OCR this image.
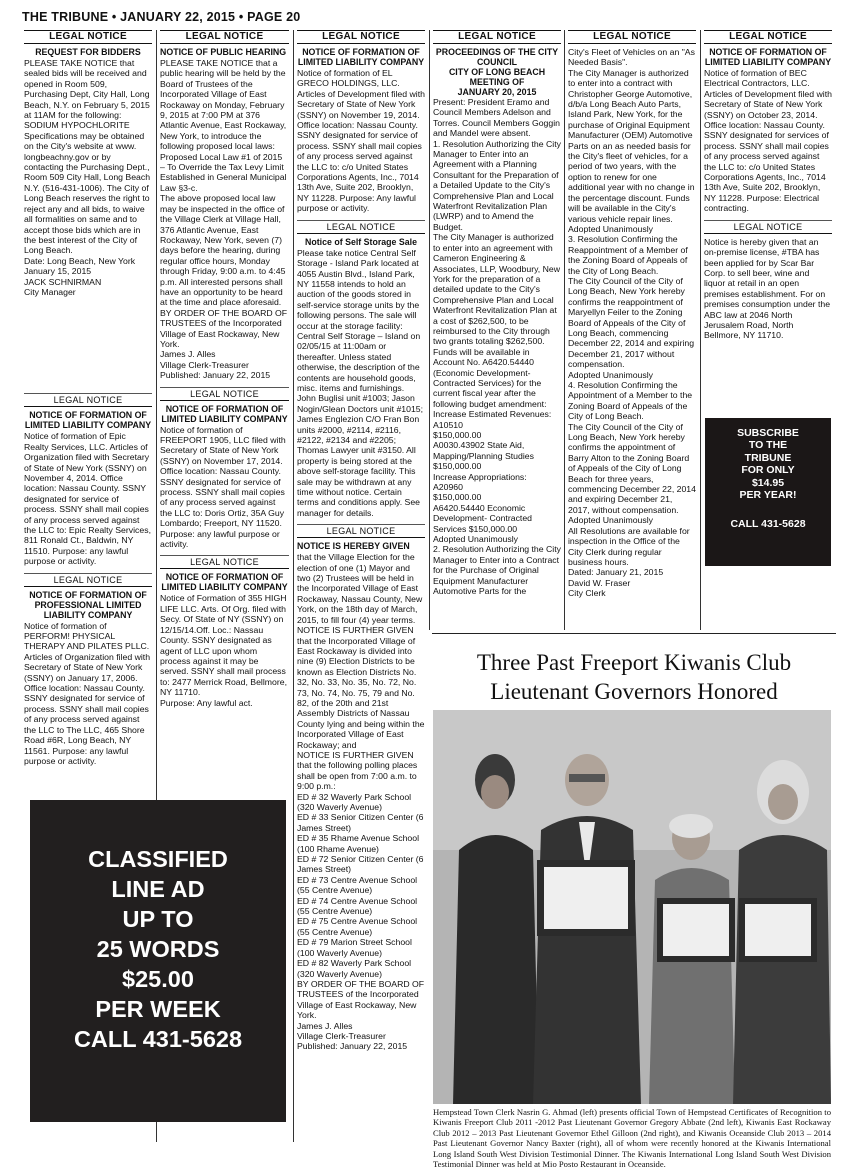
THE TRIBUNE • JANUARY 22, 2015 • PAGE 20
LEGAL NOTICE
REQUEST FOR BIDDERS

PLEASE TAKE NOTICE that sealed bids will be received and opened in Room 509, Purchasing Dept, City Hall, Long Beach, N.Y. on February 5, 2015 at 11AM for the following: SODIUM HYPOCHLORITE
Specifications may be obtained on the City's website at www. longbeachny.gov or by contacting the Purchasing Dept., Room 509 City Hall, Long Beach N.Y. (516-431-1006). The City of Long Beach reserves the right to reject any and all bids, to waive all formalities on same and to accept those bids which are in the best interest of the City of Long Beach.
Date: Long Beach, New York January 15, 2015
JACK SCHNIRMAN
City Manager

LEGAL NOTICE
NOTICE OF FORMATION OF LIMITED LIABILITY COMPANY

Notice of formation of Epic Realty Services, LLC. Articles of Organization filed with Secretary of State of New York (SSNY) on November 4, 2014. Office location: Nassau County. SSNY designated for service of process. SSNY shall mail copies of any process served against the LLC to: Epic Realty Services, 811 Ronald Ct., Baldwin, NY 11510. Purpose: any lawful purpose or activity.

LEGAL NOTICE
NOTICE OF FORMATION OF PROFESSIONAL LIMITED LIABILITY COMPANY

Notice of formation of PERFORM! PHYSICAL THERAPY AND PILATES PLLC. Articles of Organization filed with Secretary of State of New York (SSNY) on January 17, 2006. Office location: Nassau County. SSNY designated for service of process. SSNY shall mail copies of any process served against the LLC to The LLC, 465 Shore Road #6R, Long Beach, NY 11561. Purpose: any lawful purpose or activity.

CLASSIFIED
LINE AD
UP TO
25 WORDS
$25.00
PER WEEK
CALL 431-5628
LEGAL NOTICE
NOTICE OF PUBLIC HEARING

PLEASE TAKE NOTICE that a public hearing will be held by the Board of Trustees of the Incorporated Village of East Rockaway on Monday, February 9, 2015 at 7:00 PM at 376 Atlantic Avenue, East Rockaway, New York, to introduce the following proposed local laws:
Proposed Local Law #1 of 2015 – To Override the Tax Levy Limit Established in General Municipal Law §3-c.
The above proposed local law may be inspected in the office of the Village Clerk at Village Hall, 376 Atlantic Avenue, East Rockaway, New York, seven (7) days before the hearing, during regular office hours, Monday through Friday, 9:00 a.m. to 4:45 p.m. All interested persons shall have an opportunity to be heard at the time and place aforesaid.
BY ORDER OF THE BOARD OF TRUSTEES of the Incorporated Village of East Rockaway, New York.
James J. Alles
Village Clerk-Treasurer
Published: January 22, 2015

LEGAL NOTICE
NOTICE OF FORMATION OF LIMITED LIABILITY COMPANY

Notice of formation of FREEPORT 1905, LLC filed with Secretary of State of New York (SSNY) on November 17, 2014. Office location: Nassau County. SSNY designated for service of process. SSNY shall mail copies of any process served against the LLC to: Doris Ortiz, 35A Guy Lombardo; Freeport, NY 11520. Purpose: any lawful purpose or activity.

LEGAL NOTICE
NOTICE OF FORMATION OF LIMITED LIABILITY COMPANY

Notice of Formation of 355 HIGH LIFE LLC. Arts. Of Org. filed with Secy. Of State of NY (SSNY) on 12/15/14.Off. Loc.: Nassau County. SSNY designated as agent of LLC upon whom process against it may be served. SSNY shall mail process to: 2477 Merrick Road, Bellmore, NY 11710.
Purpose: Any lawful act.

LEGAL NOTICE
NOTICE OF FORMATION OF LIMITED LIABILITY COMPANY

Notice of formation of EL GRECO HOLDINGS, LLC. Articles of Development filed with Secretary of State of New York (SSNY) on November 19, 2014. Office location: Nassau County. SSNY designated for service of process. SSNY shall mail copies of any process served against the LLC to: c/o United States Corporations Agents, Inc., 7014 13th Ave, Suite 202, Brooklyn, NY 11228. Purpose: Any lawful purpose or activity.

LEGAL NOTICE
Notice of Self Storage Sale

Please take notice Central Self Storage - Island Park located at 4055 Austin Blvd., Island Park, NY 11558 intends to hold an auction of the goods stored in self-service storage units by the following persons. The sale will occur at the storage facility: Central Self Storage – Island on 02/05/15 at 11:00am or thereafter. Unless stated otherwise, the description of the contents are household goods, misc. items and furnishings. John Buglisi unit #1003; Jason Nogin/Glean Doctors unit #1015; James Englezion C/O Fran Bon units #2000, #2114, #2116, #2122, #2134 and #2205; Thomas Lawyer unit #3150. All property is being stored at the above self-storage facility. This sale may be withdrawn at any time without notice. Certain terms and conditions apply. See manager for details.

LEGAL NOTICE
NOTICE IS HEREBY GIVEN

that the Village Election for the election of one (1) Mayor and two (2) Trustees will be held in the Incorporated Village of East Rockaway, Nassau County, New York, on the 18th day of March, 2015, to fill four (4) year terms.
NOTICE IS FURTHER GIVEN that the Incorporated Village of East Rockaway is divided into nine (9) Election Districts to be known as Election Districts No. 32, No. 33, No. 35, No. 72, No. 73, No. 74, No. 75, 79 and No. 82, of the 20th and 21st Assembly Districts of Nassau County lying and being within the Incorporated Village of East Rockaway; and
NOTICE IS FURTHER GIVEN that the following polling places shall be open from 7:00 a.m. to 9:00 p.m.:
ED # 32 Waverly Park School (320 Waverly Avenue)
ED # 33 Senior Citizen Center (6 James Street)
ED # 35 Rhame Avenue School (100 Rhame Avenue)
ED # 72 Senior Citizen Center (6 James Street)
ED # 73 Centre Avenue School (55 Centre Avenue)
ED # 74 Centre Avenue School (55 Centre Avenue)
ED # 75 Centre Avenue School (55 Centre Avenue)
ED # 79 Marion Street School (100 Waverly Avenue)
ED # 82 Waverly Park School (320 Waverly Avenue)
BY ORDER OF THE BOARD OF TRUSTEES of the Incorporated Village of East Rockaway, New York.
James J. Alles
Village Clerk-Treasurer
Published: January 22, 2015

LEGAL NOTICE
PROCEEDINGS OF THE CITY COUNCIL
CITY OF LONG BEACH
MEETING OF
JANUARY 20, 2015

Present: President Eramo and Council Members Adelson and Torres. Council Members Goggin and Mandel were absent.
1. Resolution Authorizing the City Manager to Enter into an Agreement with a Planning Consultant for the Preparation of a Detailed Update to the City's Comprehensive Plan and Local Waterfront Revitalization Plan (LWRP) and to Amend the Budget.
The City Manager is authorized to enter into an agreement with Cameron Engineering & Associates, LLP, Woodbury, New York for the preparation of a detailed update to the City's Comprehensive Plan and Local Waterfront Revitalization Plan at a cost of $262,500, to be reimbursed to the City through two grants totaling $262,500. Funds will be available in Account No. A6420.54440 (Economic Development- Contracted Services) for the current fiscal year after the following budget amendment:
Increase Estimated Revenues:
A10510
$150,000.00
A0030.43902 State Aid, Mapping/Planning Studies
$150,000.00
Increase Appropriations:
A20960
$150,000.00
A6420.54440 Economic Development- Contracted Services $150,000.00
Adopted Unanimously
2. Resolution Authorizing the City Manager to Enter into a Contract for the Purchase of Original Equipment Manufacturer Automotive Parts for the

LEGAL NOTICE

City's Fleet of Vehicles on an "As Needed Basis".
The City Manager is authorized to enter into a contract with Christopher George Automotive, d/b/a Long Beach Auto Parts, Island Park, New York, for the purchase of Original Equipment Manufacturer (OEM) Automotive Parts on an as needed basis for the City's fleet of vehicles, for a period of two years, with the option to renew for one additional year with no change in the percentage discount. Funds will be available in the City's various vehicle repair lines.
Adopted Unanimously
3. Resolution Confirming the Reappointment of a Member of the Zoning Board of Appeals of the City of Long Beach.
The City Council of the City of Long Beach, New York hereby confirms the reappointment of Maryellyn Feiler to the Zoning Board of Appeals of the City of Long Beach, commencing December 22, 2014 and expiring December 21, 2017 without compensation.
Adopted Unanimously
4. Resolution Confirming the Appointment of a Member to the Zoning Board of Appeals of the City of Long Beach.
The City Council of the City of Long Beach, New York hereby confirms the appointment of Barry Alton to the Zoning Board of Appeals of the City of Long Beach for three years, commencing December 22, 2014 and expiring December 21, 2017, without compensation.
Adopted Unanimously
All Resolutions are available for inspection in the Office of the City Clerk during regular business hours.
Dated: January 21, 2015
David W. Fraser
City Clerk

LEGAL NOTICE
NOTICE OF FORMATION OF LIMITED LIABILITY COMPANY

Notice of formation of BEC Electrical Contractors, LLC. Articles of Development filed with Secretary of State of New York (SSNY) on October 23, 2014. Office location: Nassau County. SSNY designated for services of process. SSNY shall mail copies of any process served against the LLC to: c/o United States Corporations Agents, Inc., 7014 13th Ave, Suite 202, Brooklyn, NY 11228. Purpose: Electrical contracting.

LEGAL NOTICE

Notice is hereby given that an on-premise license, #TBA has been applied for by Scar Bar Corp. to sell beer, wine and liquor at retail in an open premises establishment. For on premises consumption under the ABC law at 2046 North Jerusalem Road, North Bellmore, NY 11710.

SUBSCRIBE
TO THE
TRIBUNE
FOR ONLY
$14.95
PER YEAR!
CALL 431-5628
Three Past Freeport Kiwanis Club
Lieutenant Governors Honored
Hempstead Town Clerk Nasrin G. Ahmad (left) presents official Town of Hempstead Certificates of Recognition to Kiwanis Freeport Club 2011 -2012 Past Lieutenant Governor Gregory Abbate (2nd left), Kiwanis East Rockaway Club 2012 – 2013 Past Lieutenant Governor Ethel Gilloon (2nd right), and Kiwanis Oceanside Club 2013 – 2014 Past Lieutenant Governor Nancy Baxter (right), all of whom were recently honored at the Kiwanis International Long Island South West Division Testimonial Dinner. The Kiwanis International Long Island South West Division Testimonial Dinner was held at Mio Posto Restaurant in Oceanside.
